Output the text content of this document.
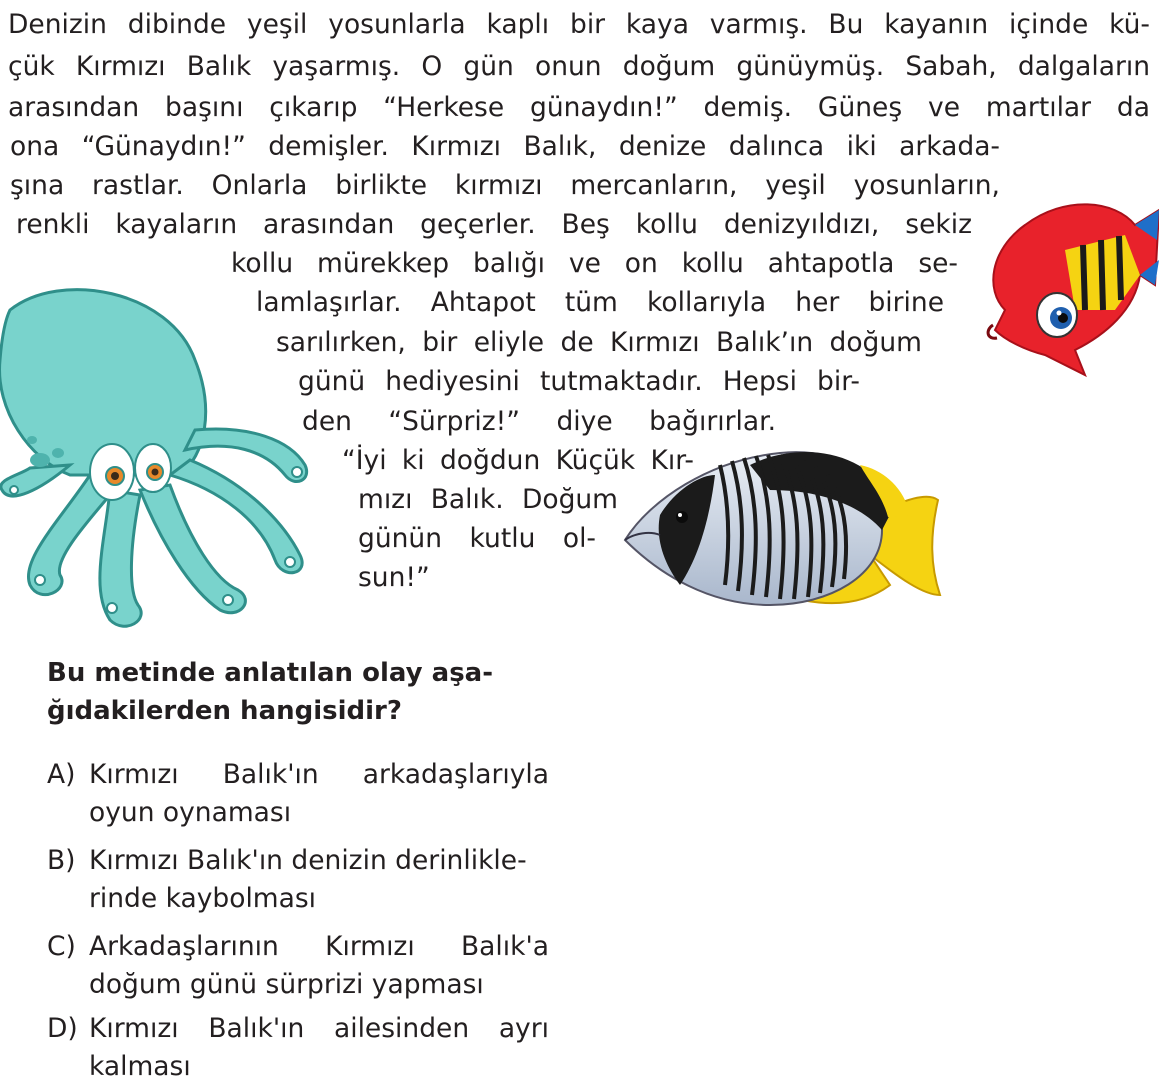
Denizin dibinde yeşil yosunlarla kaplı bir kaya varmış. Bu kayanın içinde kü-
çük Kırmızı Balık yaşarmış. O gün onun doğum günüymüş. Sabah, dalgaların
arasından başını çıkarıp “Herkese günaydın!” demiş. Güneş ve martılar da
ona “Günaydın!” demişler. Kırmızı Balık, denize dalınca iki arkada-
şına rastlar. Onlarla birlikte kırmızı mercanların, yeşil yosunların,
renkli kayaların arasından geçerler. Beş kollu denizyıldızı, sekiz
kollu mürekkep balığı ve on kollu ahtapotla se-
lamlaşırlar. Ahtapot tüm kollarıyla her birine
sarılırken, bir eliyle de Kırmızı Balık’ın doğum
günü hediyesini tutmaktadır. Hepsi bir-
den “Sürpriz!” diye bağırırlar.
“İyi ki doğdun Küçük Kır-
mızı Balık. Doğum
günün kutlu ol-
sun!”
Bu metinde anlatılan olay aşa-
ğıdakilerden hangisidir?
A) Kırmızı Balık'ın arkadaşlarıyla
oyun oynaması
B) Kırmızı Balık'ın denizin derinlikle-
rinde kaybolması
C) Arkadaşlarının Kırmızı Balık'a
doğum günü sürprizi yapması
D) Kırmızı Balık'ın ailesinden ayrı
kalması
